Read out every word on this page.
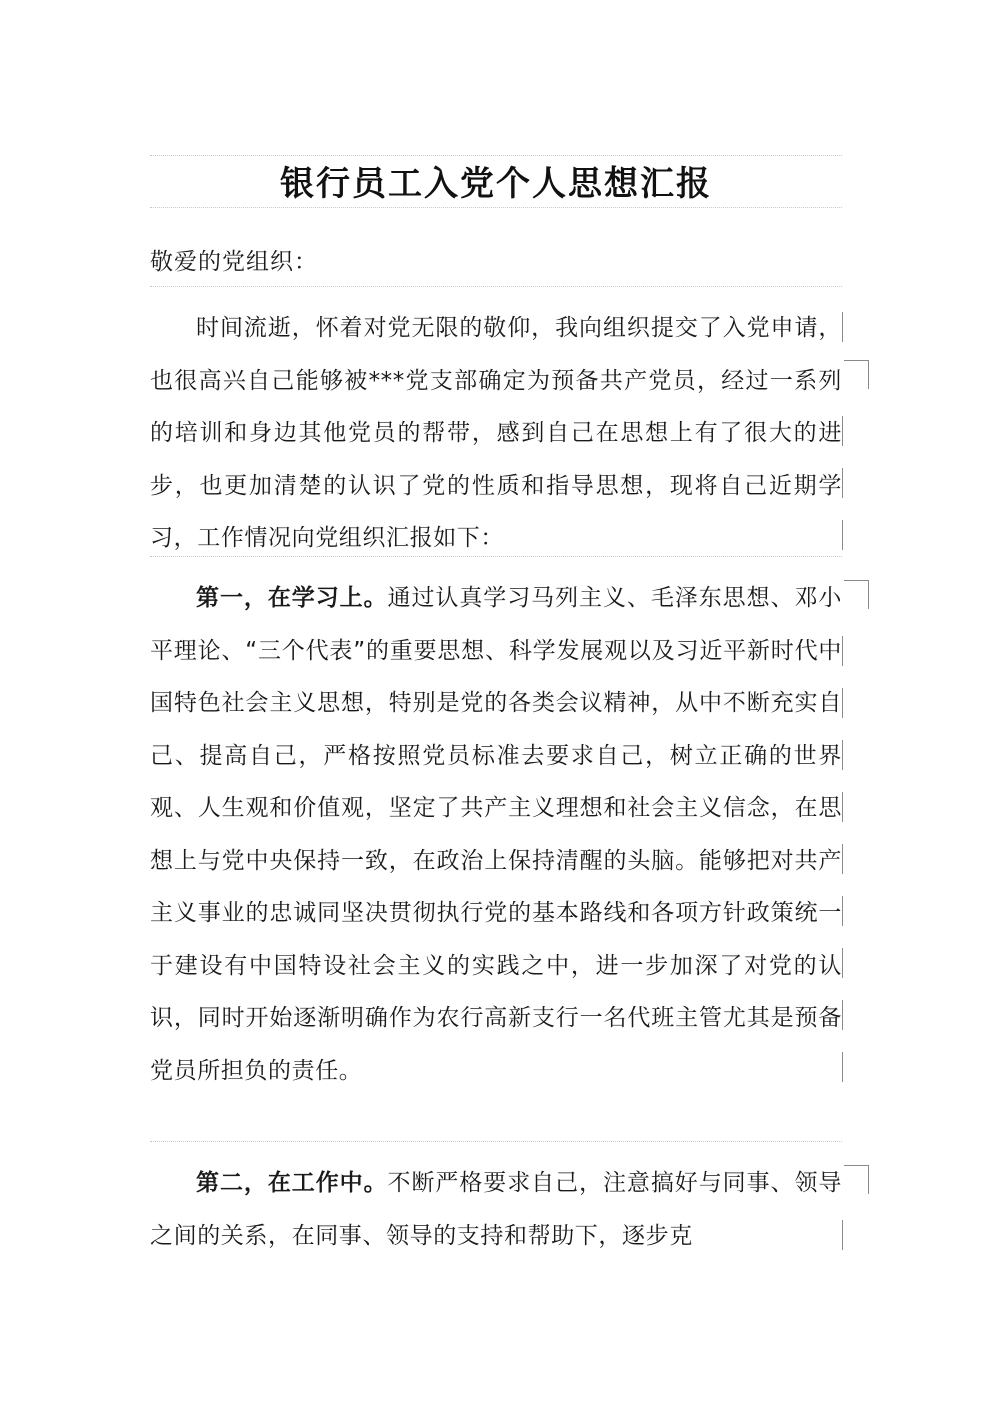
银行员工入党个人思想汇报
敬爱的党组织：
时间流逝，怀着对党无限的敬仰，我向组织提交了入党申请，也很高兴自己能够被***党支部确定为预备共产党员，经过一系列的培训和身边其他党员的帮带，感到自己在思想上有了很大的进步，也更加清楚的认识了党的性质和指导思想，现将自己近期学习，工作情况向党组织汇报如下：
第一，在学习上。通过认真学习马列主义、毛泽东思想、邓小平理论、“三个代表”的重要思想、科学发展观以及习近平新时代中国特色社会主义思想，特别是党的各类会议精神，从中不断充实自己、提高自己，严格按照党员标准去要求自己，树立正确的世界观、人生观和价值观，坚定了共产主义理想和社会主义信念，在思想上与党中央保持一致，在政治上保持清醒的头脑。能够把对共产主义事业的忠诚同坚决贯彻执行党的基本路线和各项方针政策统一于建设有中国特设社会主义的实践之中，进一步加深了对党的认识，同时开始逐渐明确作为农行高新支行一名代班主管尤其是预备党员所担负的责任。
第二，在工作中。不断严格要求自己，注意搞好与同事、领导之间的关系，在同事、领导的支持和帮助下，逐步克
